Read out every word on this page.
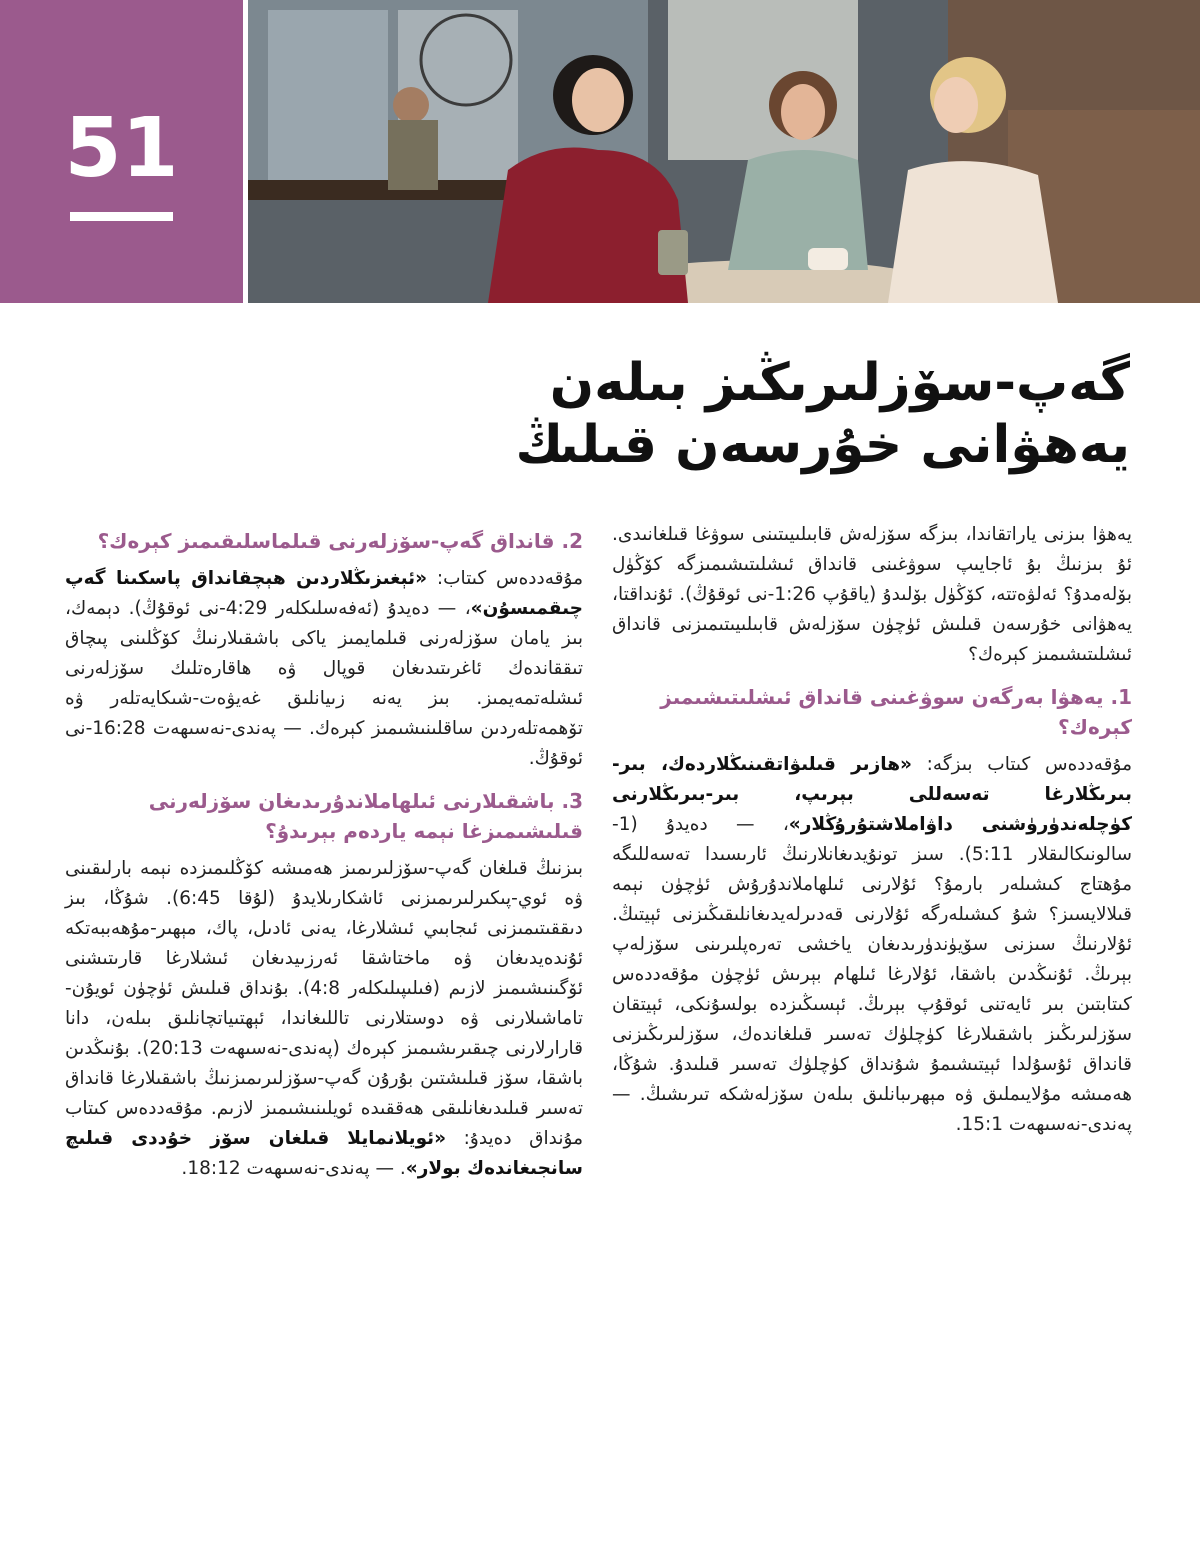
51
گەپ-سۆزلىرىڭىز بىلەن
يەھۋانى خۇرسەن قىلىڭ

يەھۋا بىزنى ياراتقاندا، بىزگە سۆزلەش قابىلىيىتىنى سوۋغا قىلغانىدى. ئۇ بىزنىڭ بۇ ئاجايىپ سوۋغىنى قانداق ئىشلىتىشىمىزگە كۆڭۈل بۆلەمدۇ؟ ئەلۋەتتە، كۆڭۈل بۆلىدۇ (ياقۇپ 1:26-نى ئوقۇڭ). ئۇنداقتا، يەھۋانى خۇرسەن قىلىش ئۈچۈن سۆزلەش قابىلىيىتىمىزنى قانداق ئىشلىتىشىمىز كېرەك؟

1. يەھۋا بەرگەن سوۋغىنى قانداق ئىشلىتىشىمىز كېرەك؟

مۇقەددەس كىتاب بىزگە: «ھازىر قىلىۋاتقىنىڭلاردەك، بىر-بىرىڭلارغا تەسەللى بېرىپ، بىر-بىرىڭلارنى كۈچلەندۈرۈشنى داۋاملاشتۇرۇڭلار»، — دەيدۇ (1-سالونىكالىقلار 5:11). سىز تونۇيدىغانلارنىڭ ئارىسىدا تەسەللىگە مۇھتاج كىشىلەر بارمۇ؟ ئۇلارنى ئىلھاملاندۇرۇش ئۈچۈن نېمە قىلالايسىز؟ شۇ كىشىلەرگە ئۇلارنى قەدىرلەيدىغانلىقىڭىزنى ئېيتىڭ. ئۇلارنىڭ سىزنى سۆيۈندۈرىدىغان ياخشى تەرەپلىرىنى سۆزلەپ بېرىڭ. ئۇنىڭدىن باشقا، ئۇلارغا ئىلھام بېرىش ئۈچۈن مۇقەددەس كىتابتىن بىر ئايەتنى ئوقۇپ بېرىڭ. ئېسىڭىزدە بولسۇنكى، ئېيتقان سۆزلىرىڭىز باشقىلارغا كۈچلۈك تەسىر قىلغاندەك، سۆزلىرىڭىزنى قانداق ئۇسۇلدا ئېيتىشىمۇ شۇنداق كۈچلۈك تەسىر قىلىدۇ. شۇڭا، ھەمىشە مۇلايىملىق ۋە مېھرىبانلىق بىلەن سۆزلەشكە تىرىشىڭ. — پەندى-نەسىھەت 15:1.

2. قانداق گەپ-سۆزلەرنى قىلماسلىقىمىز كېرەك؟

مۇقەددەس كىتاب: «ئېغىزىڭلاردىن ھېچقانداق پاسكىنا گەپ چىقمىسۇن»، — دەيدۇ (ئەفەسلىكلەر 4:29-نى ئوقۇڭ). دېمەك، بىز يامان سۆزلەرنى قىلمايمىز ياكى باشقىلارنىڭ كۆڭلىنى پىچاق تىققاندەك ئاغرىتىدىغان قوپال ۋە ھاقارەتلىك سۆزلەرنى ئىشلەتمەيمىز. بىز يەنە زىيانلىق غەيۋەت-شىكايەتلەر ۋە تۆھمەتلەردىن ساقلىنىشىمىز كېرەك. — پەندى-نەسىھەت 16:28-نى ئوقۇڭ.

3. باشقىلارنى ئىلھاملاندۇرىدىغان سۆزلەرنى قىلىشىمىزغا نېمە ياردەم بېرىدۇ؟

بىزنىڭ قىلغان گەپ-سۆزلىرىمىز ھەمىشە كۆڭلىمىزدە نېمە بارلىقىنى ۋە ئوي-پىكىرلىرىمىزنى ئاشكارىلايدۇ (لۇقا 6:45). شۇڭا، بىز دىققىتىمىزنى ئىجابىي ئىشلارغا، يەنى ئادىل، پاك، مېھىر-مۇھەببەتكە ئۇندەيدىغان ۋە ماختاشقا ئەرزىيدىغان ئىشلارغا قارىتىشنى ئۆگىنىشىمىز لازىم (فىلىپىلىكلەر 4:8). بۇنداق قىلىش ئۈچۈن ئويۇن-تاماشىلارنى ۋە دوستلارنى تاللىغاندا، ئېھتىياتچانلىق بىلەن، دانا قارارلارنى چىقىرىشىمىز كېرەك (پەندى-نەسىھەت 20:13). بۇنىڭدىن باشقا، سۆز قىلىشتىن بۇرۇن گەپ-سۆزلىرىمىزنىڭ باشقىلارغا قانداق تەسىر قىلىدىغانلىقى ھەققىدە ئويلىنىشىمىز لازىم. مۇقەددەس كىتاب مۇنداق دەيدۇ: «ئويلانمايلا قىلغان سۆز خۇددى قىلىچ سانجىغاندەك بولار». — پەندى-نەسىھەت 18:12.
